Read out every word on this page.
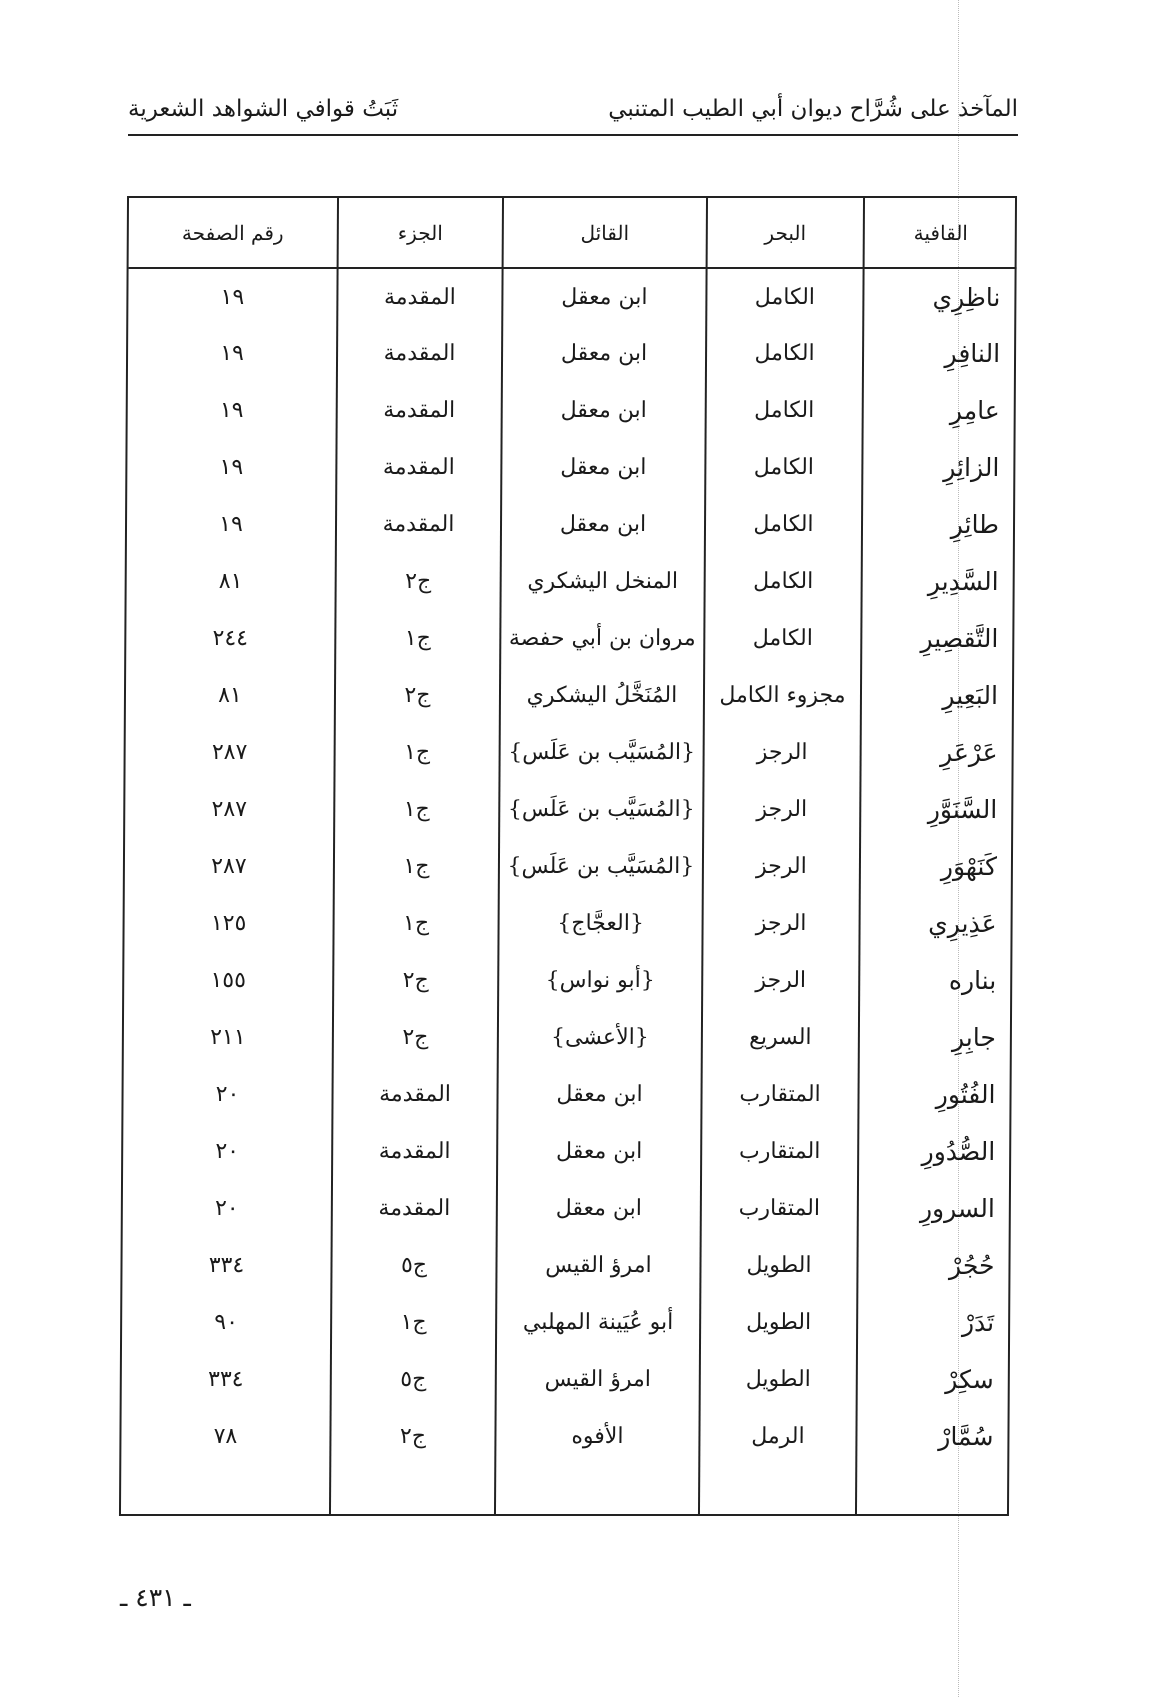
المآخذ على شُرَّاح ديوان أبي الطيب المتنبي
ثَبَتُ قوافي الشواهد الشعرية
القافية	البحر	القائل	الجزء	رقم الصفحة
ناظِرِي	الكامل	ابن معقل	المقدمة	١٩
النافِرِ	الكامل	ابن معقل	المقدمة	١٩
عامِرِ	الكامل	ابن معقل	المقدمة	١٩
الزائِرِ	الكامل	ابن معقل	المقدمة	١٩
طائِرِ	الكامل	ابن معقل	المقدمة	١٩
السَّدِيرِ	الكامل	المنخل اليشكري	ج٢	٨١
التَّقصِيرِ	الكامل	مروان بن أبي حفصة	ج١	٢٤٤
البَعِيرِ	مجزوء الكامل	المُنَخَّلُ اليشكري	ج٢	٨١
عَرْعَرِ	الرجز	{المُسَيَّب بن عَلَس}	ج١	٢٨٧
السَّنَوَّرِ	الرجز	{المُسَيَّب بن عَلَس}	ج١	٢٨٧
كَنَهْوَرِ	الرجز	{المُسَيَّب بن عَلَس}	ج١	٢٨٧
عَذِيرِي	الرجز	{العجَّاج}	ج١	١٢٥
بناره	الرجز	{أبو نواس}	ج٢	١٥٥
جابِرِ	السريع	{الأعشى}	ج٢	٢١١
الفُتُورِ	المتقارب	ابن معقل	المقدمة	٢٠
الصُّدُورِ	المتقارب	ابن معقل	المقدمة	٢٠
السرورِ	المتقارب	ابن معقل	المقدمة	٢٠
حُجُرْ	الطويل	امرؤ القيس	ج٥	٣٣٤
تَدَرْ	الطويل	أبو عُيَينة المهلبي	ج١	٩٠
سكِرْ	الطويل	امرؤ القيس	ج٥	٣٣٤
سُمَّارْ	الرمل	الأفوه	ج٢	٧٨

ـ ٤٣١ ـ
